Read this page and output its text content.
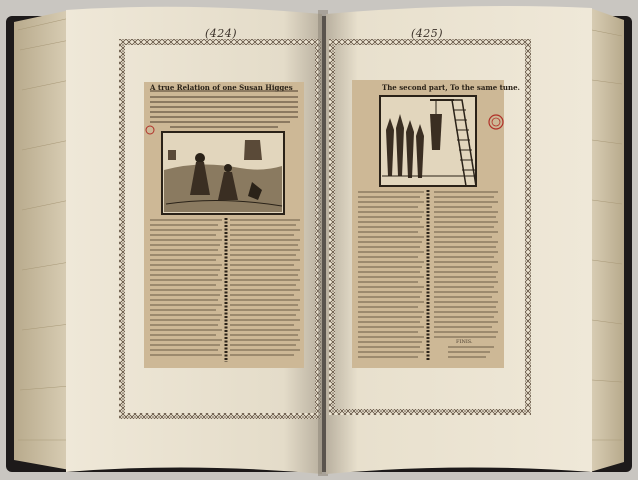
(424)	(425)
A true Relation of one Susan Higges	The second part, To the same tune.
FINIS.
